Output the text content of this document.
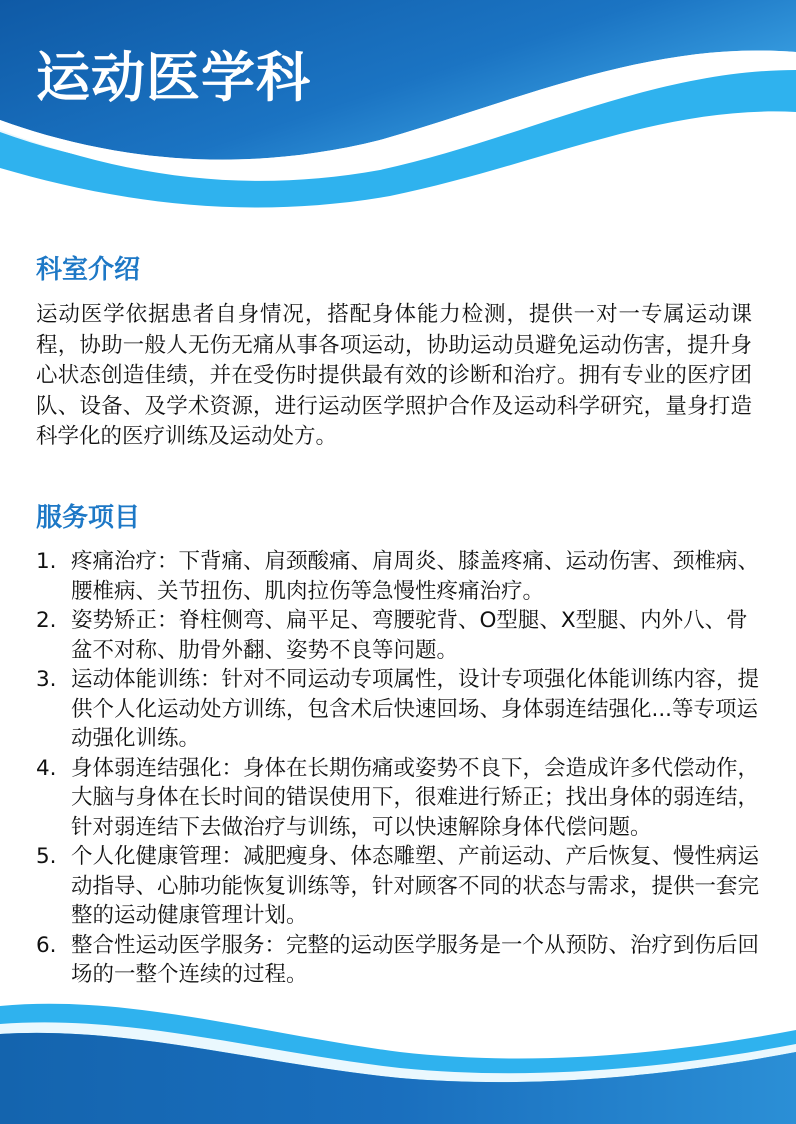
运动医学科
科室介绍

运动医学依据患者自身情况，搭配身体能力检测，提供一对一专属运动课程，协助一般人无伤无痛从事各项运动，协助运动员避免运动伤害，提升身心状态创造佳绩，并在受伤时提供最有效的诊断和治疗。拥有专业的医疗团队、设备、及学术资源，进行运动医学照护合作及运动科学研究，量身打造科学化的医疗训练及运动处方。

服务项目
1. 疼痛治疗：下背痛、肩颈酸痛、肩周炎、膝盖疼痛、运动伤害、颈椎病、腰椎病、关节扭伤、肌肉拉伤等急慢性疼痛治疗。
2. 姿势矫正：脊柱侧弯、扁平足、弯腰驼背、O型腿、X型腿、内外八、骨盆不对称、肋骨外翻、姿势不良等问题。
3. 运动体能训练：针对不同运动专项属性，设计专项强化体能训练内容，提供个人化运动处方训练，包含术后快速回场、身体弱连结强化...等专项运动强化训练。
4. 身体弱连结强化：身体在长期伤痛或姿势不良下，会造成许多代偿动作，大脑与身体在长时间的错误使用下，很难进行矫正；找出身体的弱连结，针对弱连结下去做治疗与训练，可以快速解除身体代偿问题。
5. 个人化健康管理：减肥瘦身、体态雕塑、产前运动、产后恢复、慢性病运动指导、心肺功能恢复训练等，针对顾客不同的状态与需求，提供一套完整的运动健康管理计划。
6. 整合性运动医学服务：完整的运动医学服务是一个从预防、治疗到伤后回场的一整个连续的过程。
